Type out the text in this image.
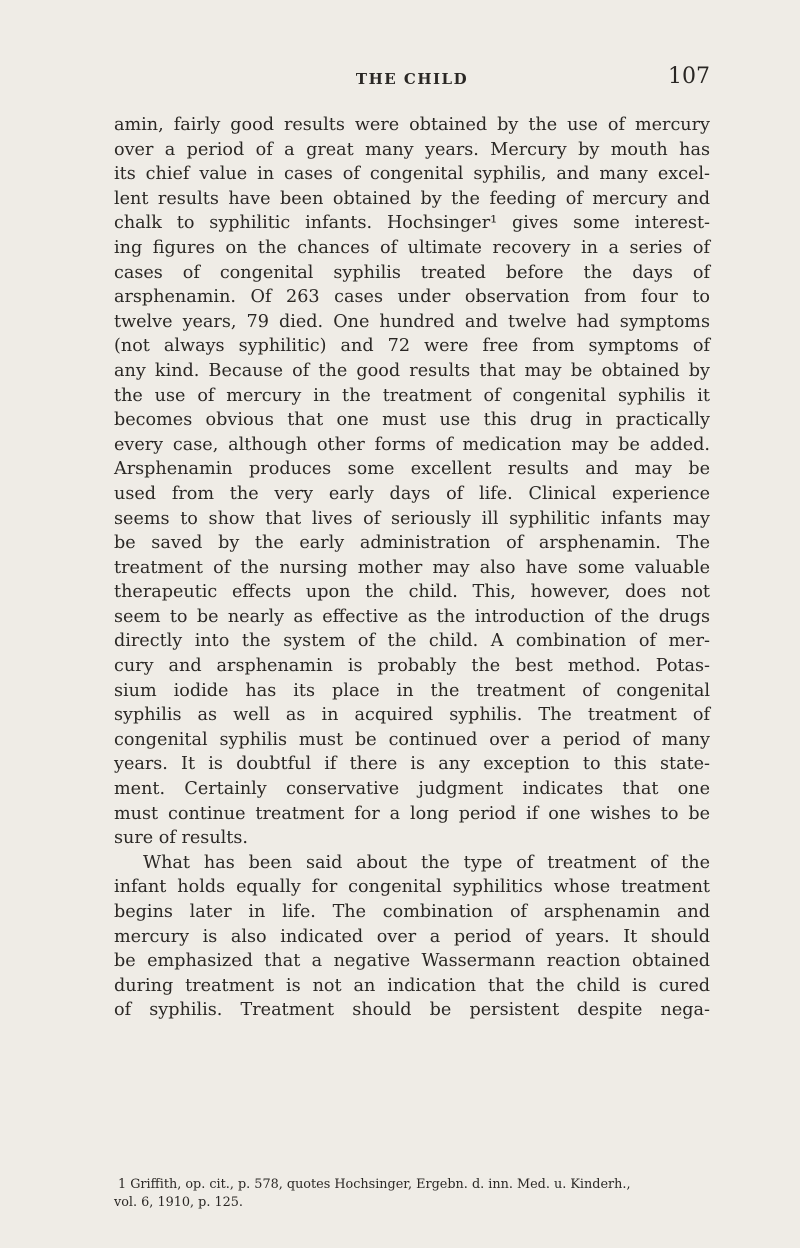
THE CHILD	107
amin, fairly good results were obtained by the use of mercury
over a period of a great many years. Mercury by mouth has
its chief value in cases of congenital syphilis, and many excel-
lent results have been obtained by the feeding of mercury and
chalk to syphilitic infants. Hochsinger¹ gives some interest-
ing figures on the chances of ultimate recovery in a series of
cases of congenital syphilis treated before the days of
arsphenamin. Of 263 cases under observation from four to
twelve years, 79 died. One hundred and twelve had symptoms
(not always syphilitic) and 72 were free from symptoms of
any kind. Because of the good results that may be obtained by
the use of mercury in the treatment of congenital syphilis it
becomes obvious that one must use this drug in practically
every case, although other forms of medication may be added.
Arsphenamin produces some excellent results and may be
used from the very early days of life. Clinical experience
seems to show that lives of seriously ill syphilitic infants may
be saved by the early administration of arsphenamin. The
treatment of the nursing mother may also have some valuable
therapeutic effects upon the child. This, however, does not
seem to be nearly as effective as the introduction of the drugs
directly into the system of the child. A combination of mer-
cury and arsphenamin is probably the best method. Potas-
sium iodide has its place in the treatment of congenital
syphilis as well as in acquired syphilis. The treatment of
congenital syphilis must be continued over a period of many
years. It is doubtful if there is any exception to this state-
ment. Certainly conservative judgment indicates that one
must continue treatment for a long period if one wishes to be
sure of results.
What has been said about the type of treatment of the
infant holds equally for congenital syphilitics whose treatment
begins later in life. The combination of arsphenamin and
mercury is also indicated over a period of years. It should
be emphasized that a negative Wassermann reaction obtained
during treatment is not an indication that the child is cured
of syphilis. Treatment should be persistent despite nega-
1 Griffith, op. cit., p. 578, quotes Hochsinger, Ergebn. d. inn. Med. u. Kinderh.,
vol. 6, 1910, p. 125.
